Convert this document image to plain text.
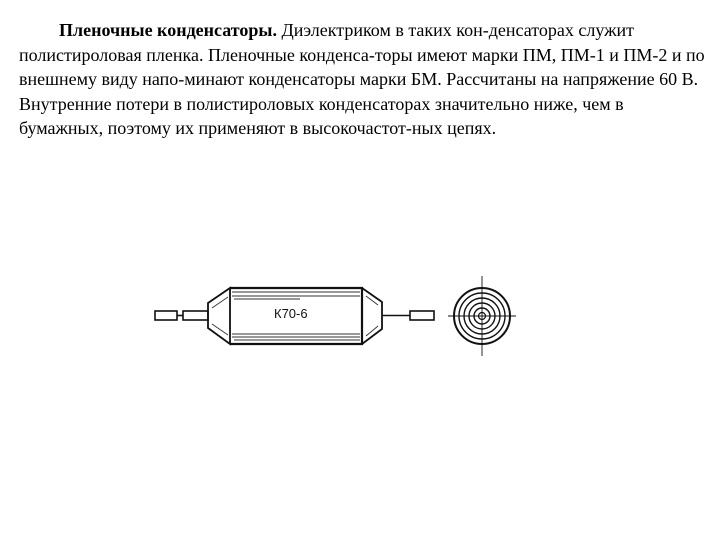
Пленочные конденсаторы. Диэлектриком в таких кон-денсаторах служит полистироловая пленка. Пленочные конденса-торы имеют марки ПМ, ПМ-1 и ПМ-2 и по внешнему виду напо-минают конденсаторы марки БМ. Рассчитаны на напряжение 60 В. Внутренние потери в полистироловых конденсаторах значительно ниже, чем в бумажных, поэтому их применяют в высокочастот-ных цепях.

К70-6
